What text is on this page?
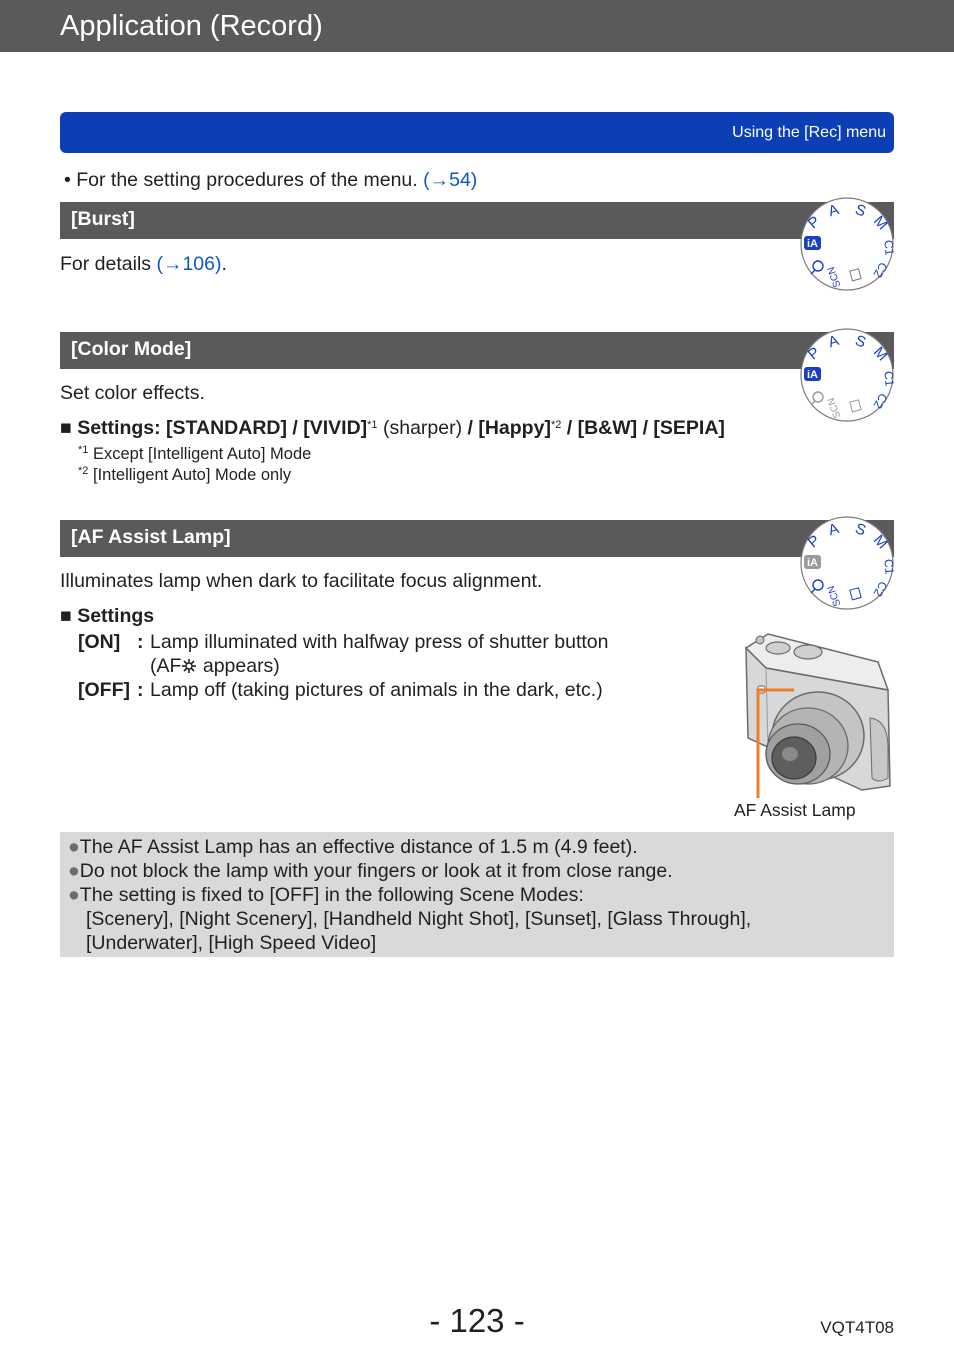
Application (Record)
Using the [Rec] menu
• For the setting procedures of the menu. (→54)
[Burst]
For details (→106).
[Color Mode]
Set color effects.
■ Settings: [STANDARD] / [VIVID]$^{*1}$ (sharper) / [Happy]$^{*2}$ / [B&W] / [SEPIA]
$^{*1}$ Except [Intelligent Auto] Mode
$^{*2}$ [Intelligent Auto] Mode only
[AF Assist Lamp]
Illuminates lamp when dark to facilitate focus alignment.
■ Settings
[ON] : Lamp illuminated with halfway press of shutter button
(AF appears)
[OFF] : Lamp off (taking pictures of animals in the dark, etc.)
AF Assist Lamp
●The AF Assist Lamp has an effective distance of 1.5 m (4.9 feet).
●Do not block the lamp with your fingers or look at it from close range.
●The setting is fixed to [OFF] in the following Scene Modes:
[Scenery], [Night Scenery], [Handheld Night Shot], [Sunset], [Glass Through],
[Underwater], [High Speed Video]
P
A S
M
C1
C2
SCN
iA
P
A S
M
C1
C2
SCN
iA
P
A S
M
C1
C2
SCN
iA
- 123 -	VQT4T08
